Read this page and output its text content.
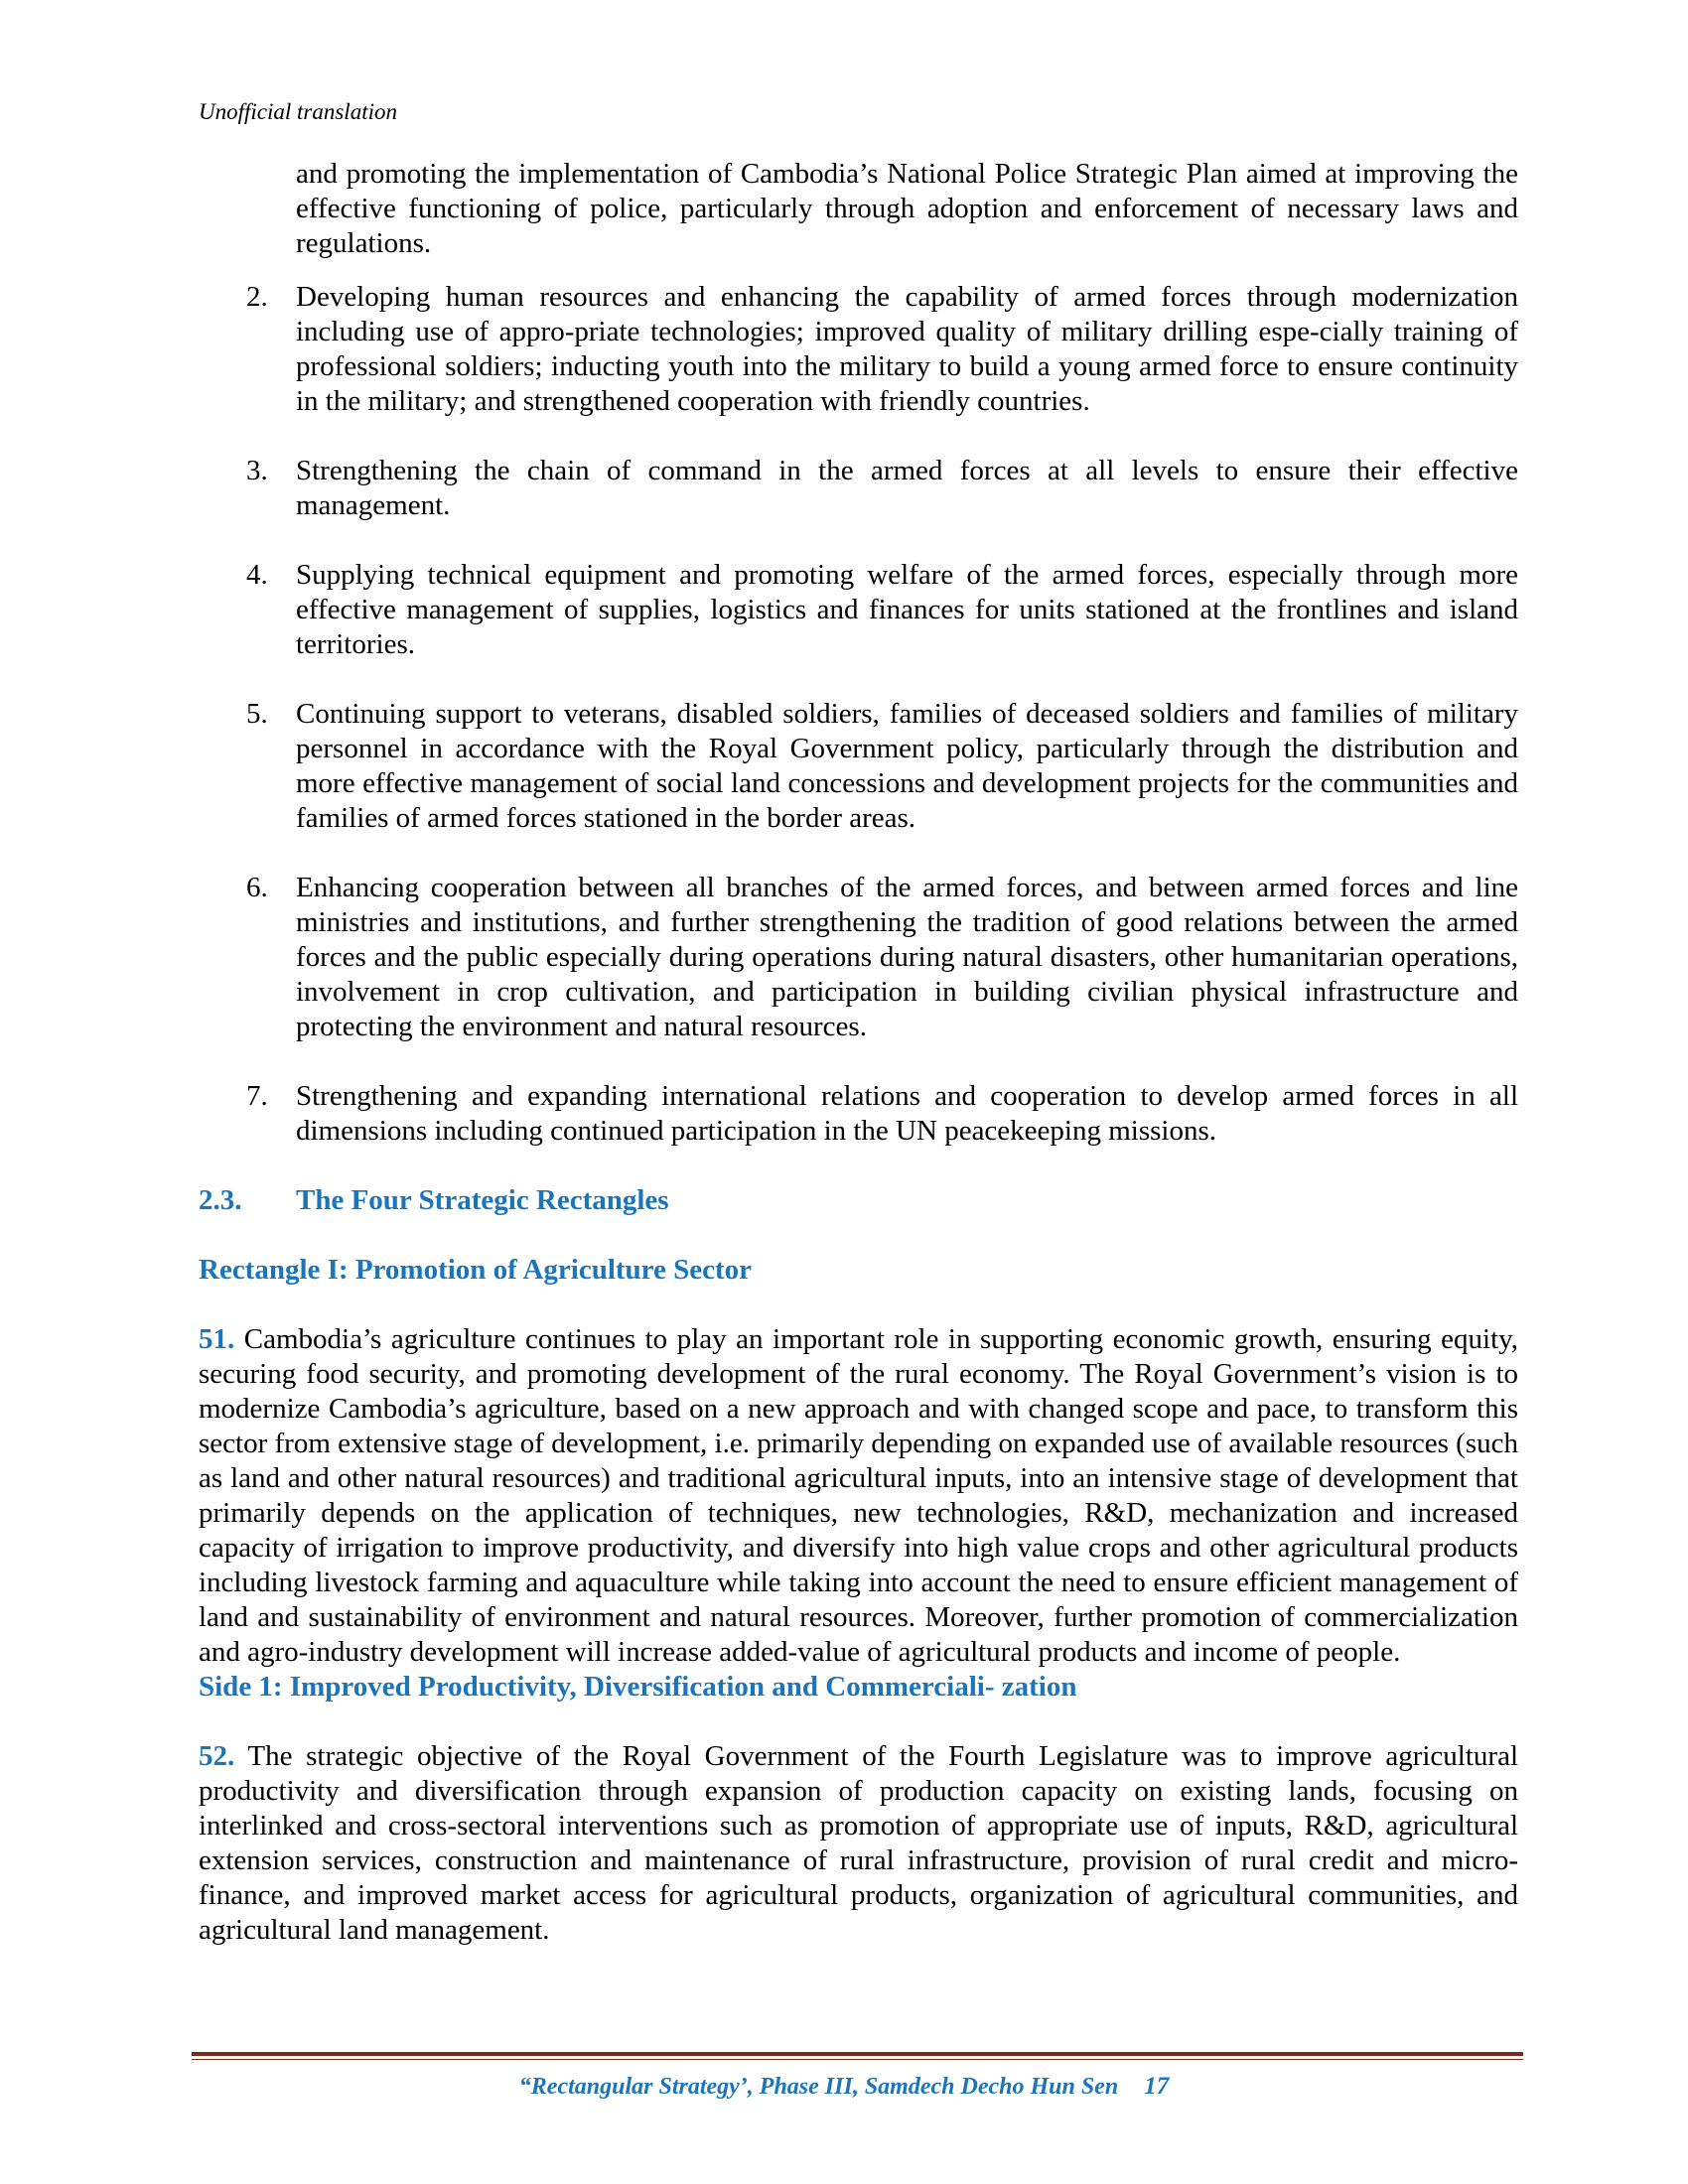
Unofficial translation

and promoting the implementation of Cambodia’s National Police Strategic Plan aimed at improving the effective functioning of police, particularly through adoption and enforcement of necessary laws and regulations.

2. Developing human resources and enhancing the capability of armed forces through modernization including use of appro-priate technologies; improved quality of military drilling espe-cially training of professional soldiers; inducting youth into the military to build a young armed force to ensure continuity in the military; and strengthened cooperation with friendly countries.
3. Strengthening the chain of command in the armed forces at all levels to ensure their effective management.
4. Supplying technical equipment and promoting welfare of the armed forces, especially through more effective management of supplies, logistics and finances for units stationed at the frontlines and island territories.
5. Continuing support to veterans, disabled soldiers, families of deceased soldiers and families of military personnel in accordance with the Royal Government policy, particularly through the distribution and more effective management of social land concessions and development projects for the communities and families of armed forces stationed in the border areas.
6. Enhancing cooperation between all branches of the armed forces, and between armed forces and line ministries and institutions, and further strengthening the tradition of good relations between the armed forces and the public especially during operations during natural disasters, other humanitarian operations, involvement in crop cultivation, and participation in building civilian physical infrastructure and protecting the environment and natural resources.
7. Strengthening and expanding international relations and cooperation to develop armed forces in all dimensions including continued participation in the UN peacekeeping missions.

2.3. The Four Strategic Rectangles

Rectangle I: Promotion of Agriculture Sector

51. Cambodia’s agriculture continues to play an important role in supporting economic growth, ensuring equity, securing food security, and promoting development of the rural economy. The Royal Government’s vision is to modernize Cambodia’s agriculture, based on a new approach and with changed scope and pace, to transform this sector from extensive stage of development, i.e. primarily depending on expanded use of available resources (such as land and other natural resources) and traditional agricultural inputs, into an intensive stage of development that primarily depends on the application of techniques, new technologies, R&D, mechanization and increased capacity of irrigation to improve productivity, and diversify into high value crops and other agricultural products including livestock farming and aquaculture while taking into account the need to ensure efficient management of land and sustainability of environment and natural resources. Moreover, further promotion of commercialization and agro-industry development will increase added-value of agricultural products and income of people.

Side 1: Improved Productivity, Diversification and Commerciali- zation

52. The strategic objective of the Royal Government of the Fourth Legislature was to improve agricultural productivity and diversification through expansion of production capacity on existing lands, focusing on interlinked and cross-sectoral interventions such as promotion of appropriate use of inputs, R&D, agricultural extension services, construction and maintenance of rural infrastructure, provision of rural credit and micro-finance, and improved market access for agricultural products, organization of agricultural communities, and agricultural land management.

“Rectangular Strategy’, Phase III, Samdech Decho Hun Sen 17
